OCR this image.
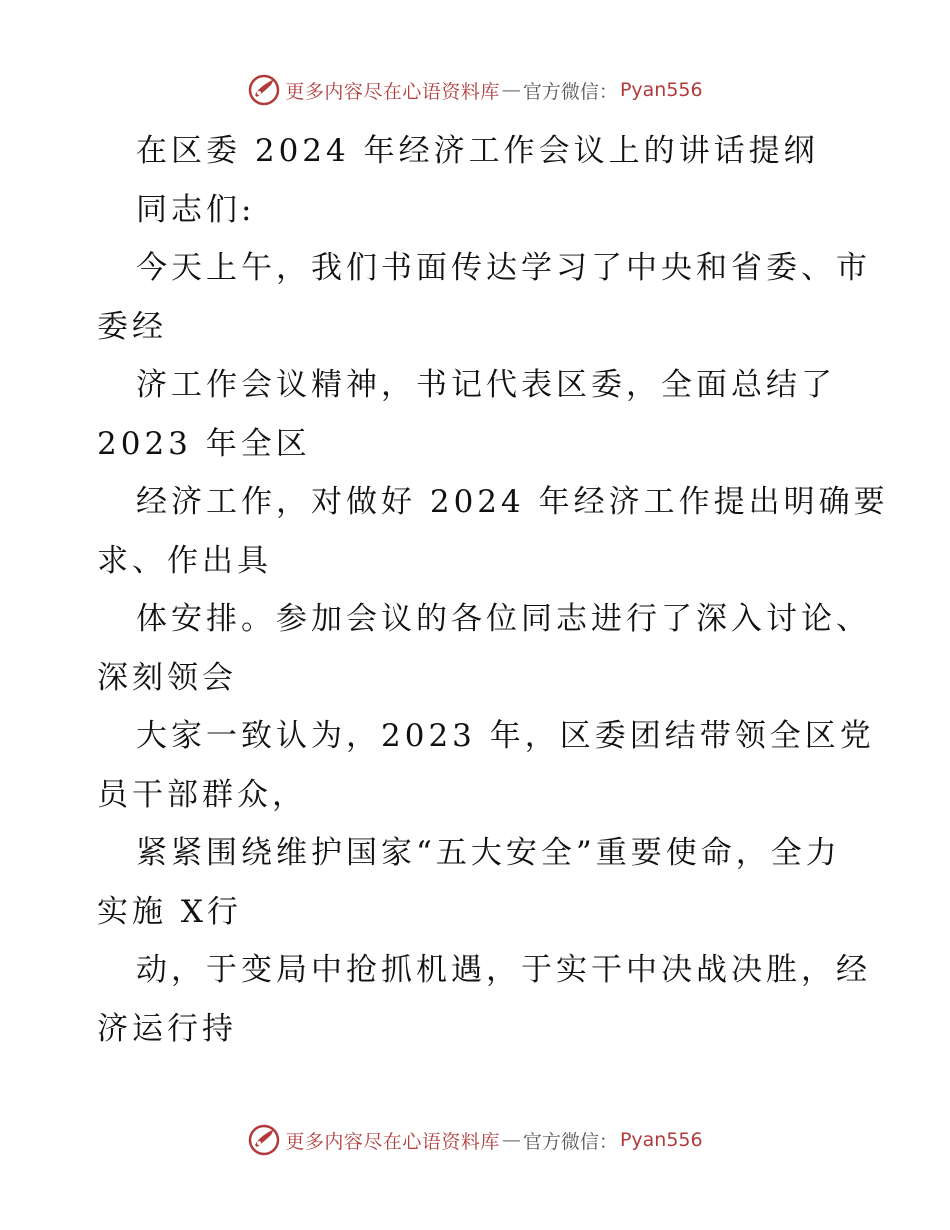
更多内容尽在心语资料库 — 官方微信： Pyan556
在区委 2024 年经济工作会议上的讲话提纲
同志们:
今天上午，我们书面传达学习了中央和省委、市
委经
济工作会议精神，书记代表区委，全面总结了
2023 年全区
经济工作，对做好 2024 年经济工作提出明确要
求、作出具
体安排。参加会议的各位同志进行了深入讨论、
深刻领会
大家一致认为，2023 年，区委团结带领全区党
员干部群众，
紧紧围绕维护国家“五大安全”重要使命，全力
实施 X行
动，于变局中抢抓机遇，于实干中决战决胜，经
济运行持
更多内容尽在心语资料库 — 官方微信： Pyan556
